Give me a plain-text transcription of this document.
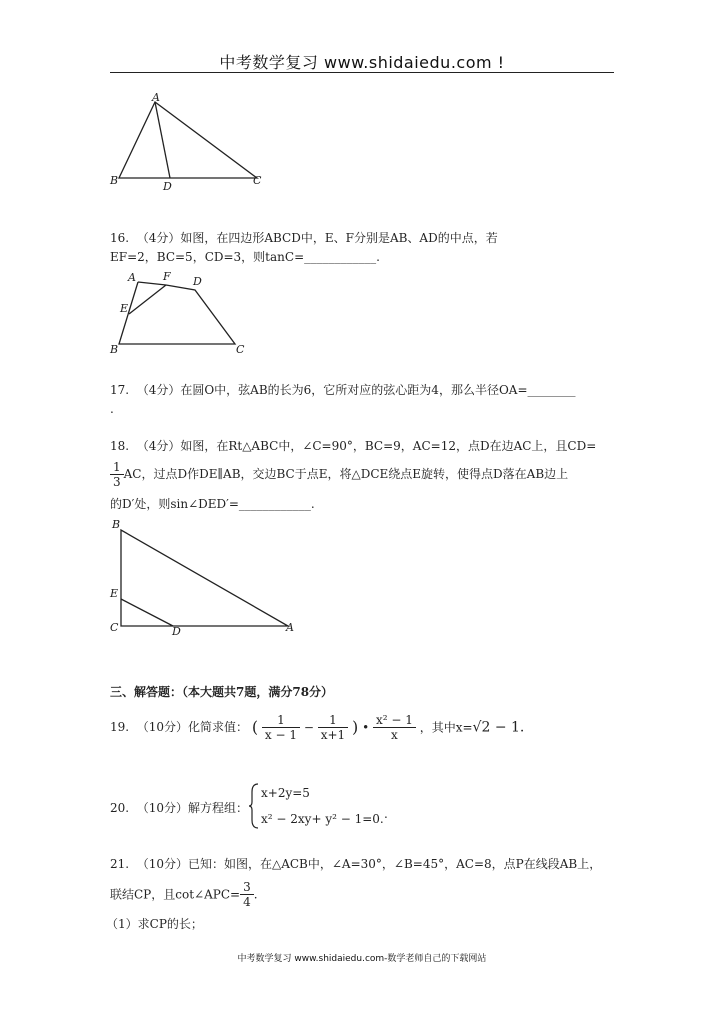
中考数学复习 www.shidaiedu.com !
A
B	D	C
16.  （4分）如图，在四边形ABCD中，E、F分别是AB、AD的中点，若
EF=2，BC=5，CD=3，则tanC=____________.
A F D
E
B	C
17.  （4分）在圆O中，弦AB的长为6，它所对应的弦心距为4，那么半径OA=________
.
18.  （4分）如图，在Rt△ABC中，∠C=90°，BC=9，AC=12，点D在边AC上，且CD=
$\frac{1}{3}$ AC，过点D作DE∥AB，交边BC于点E，将△DCE绕点E旋转，使得点D落在AB边上
的D′处，则sin∠DED′=____________.
B
E
C	D	A
三、解答题：（本大题共7题，满分78分）
19.  （10分）化简求值： ( $\frac{1}{x - 1} - \frac{1}{x+1}$ ) • $\frac{\text{x² − 1}}{x}$ ，其中x=√2 − 1.
20.  （10分）解方程组：
x+2y=5
x² − 2xy+ y² − 1=0. .
21.  （10分）已知：如图，在△ACB中，∠A=30°，∠B=45°，AC=8，点P在线段AB上，
联结CP，且cot∠APC= $\frac{3}{4}$ .
（1）求CP的长；
中考数学复习 www.shidaiedu.com-数学老师自己的下载网站
